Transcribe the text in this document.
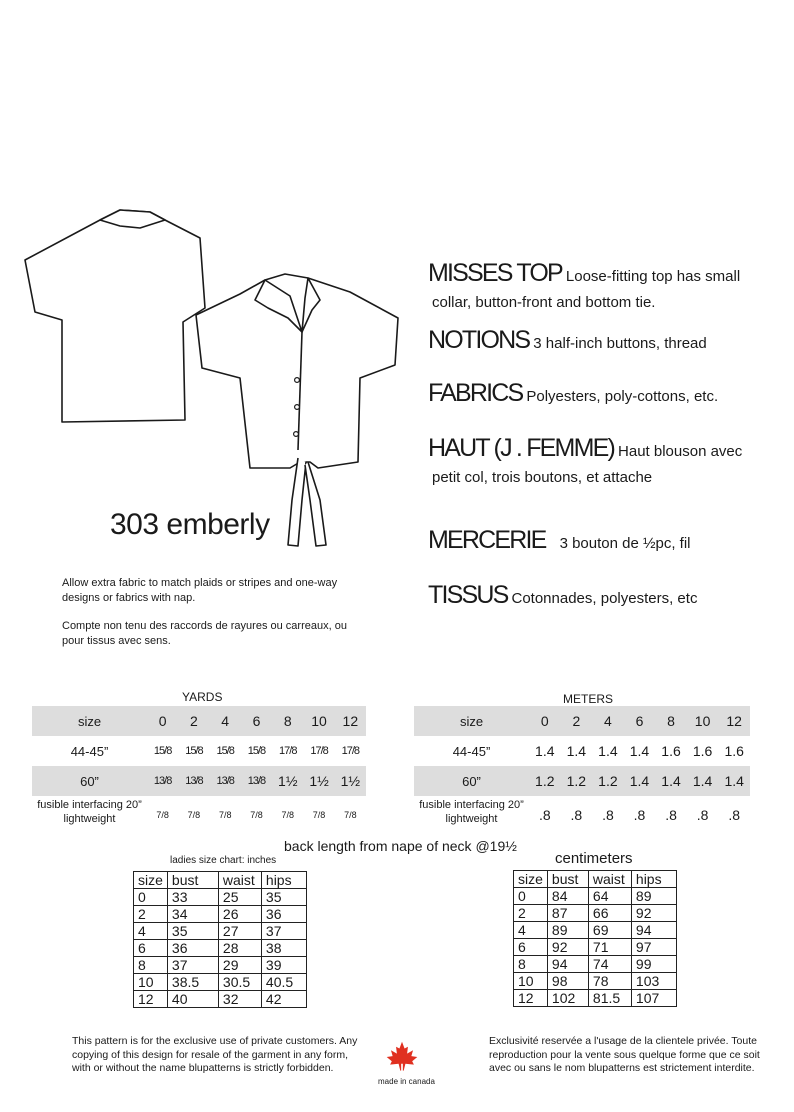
303 emberly
MISSES TOP Loose-fitting top has small
collar, button-front and bottom tie.
NOTIONS 3 half-inch buttons, thread
FABRICS Polyesters, poly-cottons, etc.
HAUT (J . FEMME) Haut blouson avec
petit col, trois boutons, et attache
MERCERIE 3 bouton de ½pc, fil
TISSUS Cotonnades, polyesters, etc
Allow extra fabric to match plaids or stripes and one-way designs or fabrics with nap.
Compte non tenu des raccords de rayures ou carreaux, ou pour tissus avec sens.
YARDS
size	0	2	4	6	8	10	12
44-45”	15/8	15/8	15/8	15/8	17/8	17/8	17/8
60”	13/8	13/8	13/8	13/8	1½	1½	1½
fusible interfacing 20” lightweight	7/8	7/8	7/8	7/8	7/8	7/8	7/8
METERS
size	0	2	4	6	8	10	12
44-45”	1.4	1.4	1.4	1.4	1.6	1.6	1.6
60”	1.2	1.2	1.2	1.4	1.4	1.4	1.4
fusible interfacing 20” lightweight	.8	.8	.8	.8	.8	.8	.8
back length from nape of neck @19½
ladies size chart: inches
size	bust	waist	hips
0	33	25	35
2	34	26	36
4	35	27	37
6	36	28	38
8	37	29	39
10	38.5	30.5	40.5
12	40	32	42
centimeters
size	bust	waist	hips
0	84	64	89
2	87	66	92
4	89	69	94
6	92	71	97
8	94	74	99
10	98	78	103
12	102	81.5	107
This pattern is for the exclusive use of private customers. Any copying of this design for resale of the garment in any form, with or without the name blupatterns is strictly forbidden.
made in canada
Exclusivité reservée a l'usage de la clientele privée. Toute reproduction pour la vente sous quelque forme que ce soit avec ou sans le nom blupatterns est strictement interdite.
